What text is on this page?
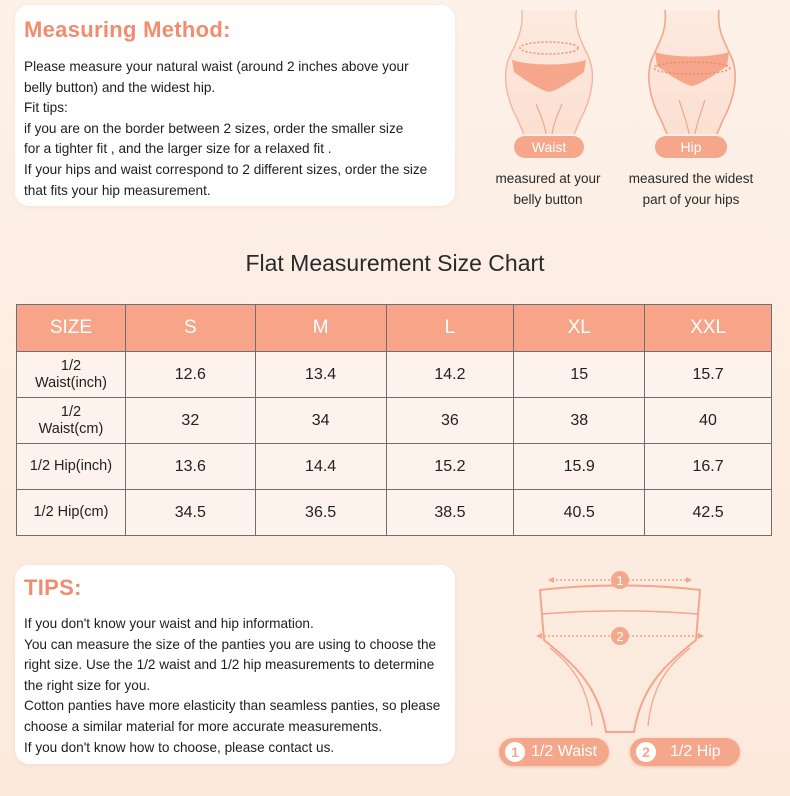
Measuring Method:

Please measure your natural waist (around 2 inches above your

belly button) and the widest hip.

Fit tips:

if you are on the border between 2 sizes, order the smaller size

for a tighter fit , and the larger size for a relaxed fit .

If your hips and waist correspond to 2 different sizes, order the size

that fits your hip measurement.

Waist
measured at your
belly button
Hip
measured the widest
part of your hips
Flat Measurement Size Chart
SIZE	S	M	L	XL	XXL

1/2
Waist(inch)	12.6	13.4	14.2	15	15.7

1/2
Waist(cm)	32	34	36	38	40

1/2 Hip(inch)	13.6	14.4	15.2	15.9	16.7

1/2 Hip(cm)	34.5	36.5	38.5	40.5	42.5
TIPS:

If you don't know your waist and hip information.

You can measure the size of the panties you are using to choose the

right size. Use the 1/2 waist and 1/2 hip measurements to determine

the right size for you.

Cotton panties have more elasticity than seamless panties, so please

choose a similar material for more accurate measurements.

If you don't know how to choose, please contact us.

1
2
1 1/2 Waist	2	1/2 Hip
